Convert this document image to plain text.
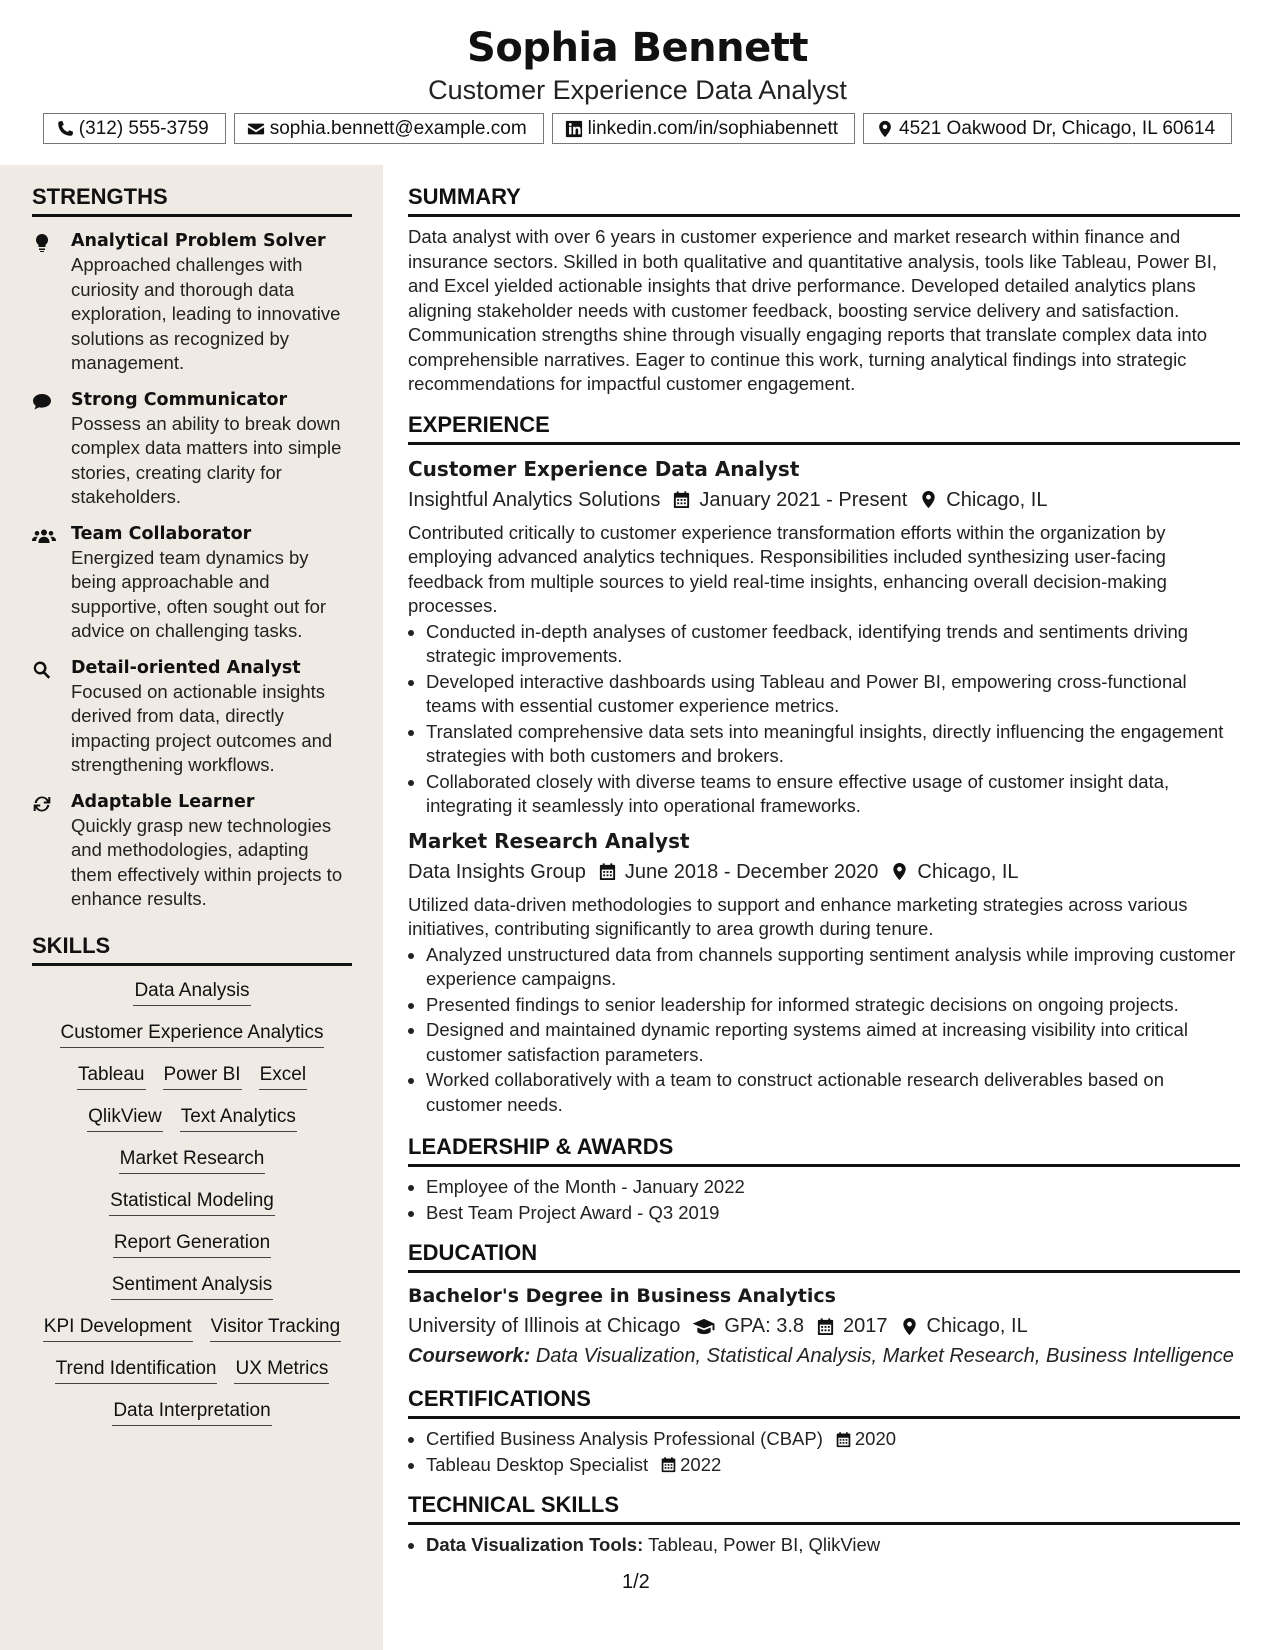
Sophia Bennett
Customer Experience Data Analyst
(312) 555-3759	sophia.bennett@example.com	linkedin.com/in/sophiabennett	4521 Oakwood Dr, Chicago, IL 60614
STRENGTHS
Analytical Problem Solver
Approached challenges with curiosity and thorough data exploration, leading to innovative solutions as recognized by management.
Strong Communicator
Possess an ability to break down complex data matters into simple stories, creating clarity for stakeholders.
Team Collaborator
Energized team dynamics by being approachable and supportive, often sought out for advice on challenging tasks.
Detail-oriented Analyst
Focused on actionable insights derived from data, directly impacting project outcomes and strengthening workflows.
Adaptable Learner
Quickly grasp new technologies and methodologies, adapting them effectively within projects to enhance results.
SKILLS
Data Analysis
Customer Experience Analytics
Tableau Power BI Excel
QlikView Text Analytics
Market Research
Statistical Modeling
Report Generation
Sentiment Analysis
KPI Development Visitor Tracking
Trend Identification UX Metrics
Data Interpretation
SUMMARY
Data analyst with over 6 years in customer experience and market research within finance and insurance sectors. Skilled in both qualitative and quantitative analysis, tools like Tableau, Power BI, and Excel yielded actionable insights that drive performance. Developed detailed analytics plans aligning stakeholder needs with customer feedback, boosting service delivery and satisfaction. Communication strengths shine through visually engaging reports that translate complex data into comprehensible narratives. Eager to continue this work, turning analytical findings into strategic recommendations for impactful customer engagement.
EXPERIENCE
Customer Experience Data Analyst
Insightful Analytics Solutions January 2021 - Present Chicago, IL
Contributed critically to customer experience transformation efforts within the organization by employing advanced analytics techniques. Responsibilities included synthesizing user-facing feedback from multiple sources to yield real-time insights, enhancing overall decision-making processes.
• Conducted in-depth analyses of customer feedback, identifying trends and sentiments driving strategic improvements.
• Developed interactive dashboards using Tableau and Power BI, empowering cross-functional teams with essential customer experience metrics.
• Translated comprehensive data sets into meaningful insights, directly influencing the engagement strategies with both customers and brokers.
• Collaborated closely with diverse teams to ensure effective usage of customer insight data, integrating it seamlessly into operational frameworks.
Market Research Analyst
Data Insights Group June 2018 - December 2020 Chicago, IL
Utilized data-driven methodologies to support and enhance marketing strategies across various initiatives, contributing significantly to area growth during tenure.
• Analyzed unstructured data from channels supporting sentiment analysis while improving customer experience campaigns.
• Presented findings to senior leadership for informed strategic decisions on ongoing projects.
• Designed and maintained dynamic reporting systems aimed at increasing visibility into critical customer satisfaction parameters.
• Worked collaboratively with a team to construct actionable research deliverables based on customer needs.
LEADERSHIP & AWARDS
• Employee of the Month - January 2022
• Best Team Project Award - Q3 2019
EDUCATION
Bachelor's Degree in Business Analytics
University of Illinois at Chicago GPA: 3.8 2017 Chicago, IL
Coursework: Data Visualization, Statistical Analysis, Market Research, Business Intelligence
CERTIFICATIONS
• Certified Business Analysis Professional (CBAP) 2020
• Tableau Desktop Specialist 2022
TECHNICAL SKILLS
• Data Visualization Tools: Tableau, Power BI, QlikView
1/2
